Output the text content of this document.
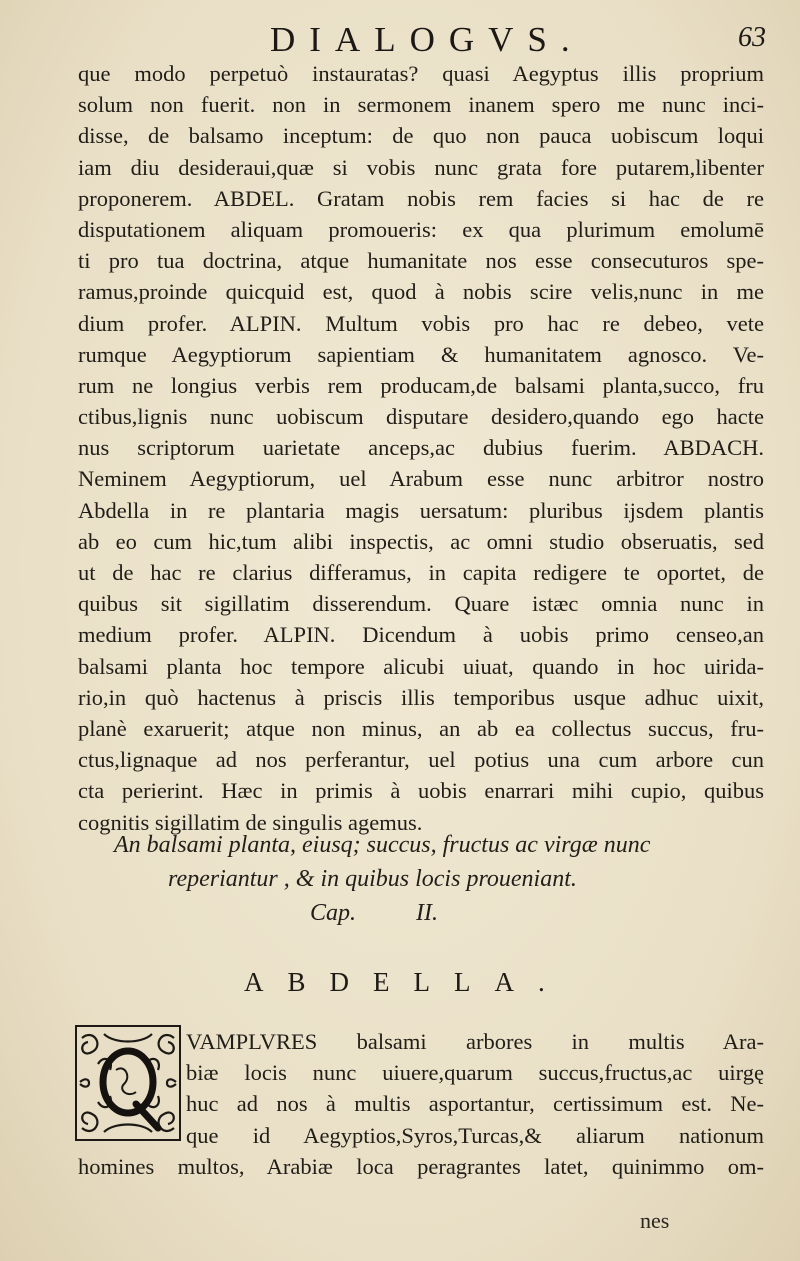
DIALOGVS.	63
que modo perpetuò instauratas? quasi Aegyptus illis proprium
solum non fuerit. non in sermonem inanem spero me nunc inci-
disse, de balsamo inceptum: de quo non pauca uobiscum loqui
iam diu desideraui,quæ si vobis nunc grata fore putarem,libenter
proponerem. ABDEL. Gratam nobis rem facies si hac de re
disputationem aliquam promoueris: ex qua plurimum emolumē
ti pro tua doctrina, atque humanitate nos esse consecuturos spe-
ramus,proinde quicquid est, quod à nobis scire velis,nunc in me
dium profer. ALPIN. Multum vobis pro hac re debeo, vete
rumque Aegyptiorum sapientiam & humanitatem agnosco. Ve-
rum ne longius verbis rem producam,de balsami planta,succo, fru
ctibus,lignis nunc uobiscum disputare desidero,quando ego hacte
nus scriptorum uarietate anceps,ac dubius fuerim. ABDACH.
Neminem Aegyptiorum, uel Arabum esse nunc arbitror nostro
Abdella in re plantaria magis uersatum: pluribus ijsdem plantis
ab eo cum hic,tum alibi inspectis, ac omni studio obseruatis, sed
ut de hac re clarius differamus, in capita redigere te oportet, de
quibus sit sigillatim disserendum. Quare istæc omnia nunc in
medium profer. ALPIN. Dicendum à uobis primo censeo,an
balsami planta hoc tempore alicubi uiuat, quando in hoc uirida-
rio,in quò hactenus à priscis illis temporibus usque adhuc uixit,
planè exaruerit; atque non minus, an ab ea collectus succus, fru-
ctus,lignaque ad nos perferantur, uel potius una cum arbore cun
cta perierint. Hæc in primis à uobis enarrari mihi cupio, quibus
cognitis sigillatim de singulis agemus.
An balsami planta, eiusq; succus, fructus ac virgæ nunc
reperiantur , & in quibus locis proueniant.
Cap.	II.
ABDELLA.
VAMPLVRES balsami arbores in multis Ara-
biæ locis nunc uiuere,quarum succus,fructus,ac uirgę
huc ad nos à multis asportantur, certissimum est. Ne-
que id Aegyptios,Syros,Turcas,& aliarum nationum
homines multos, Arabiæ loca peragrantes latet, quinimmo om-
nes
